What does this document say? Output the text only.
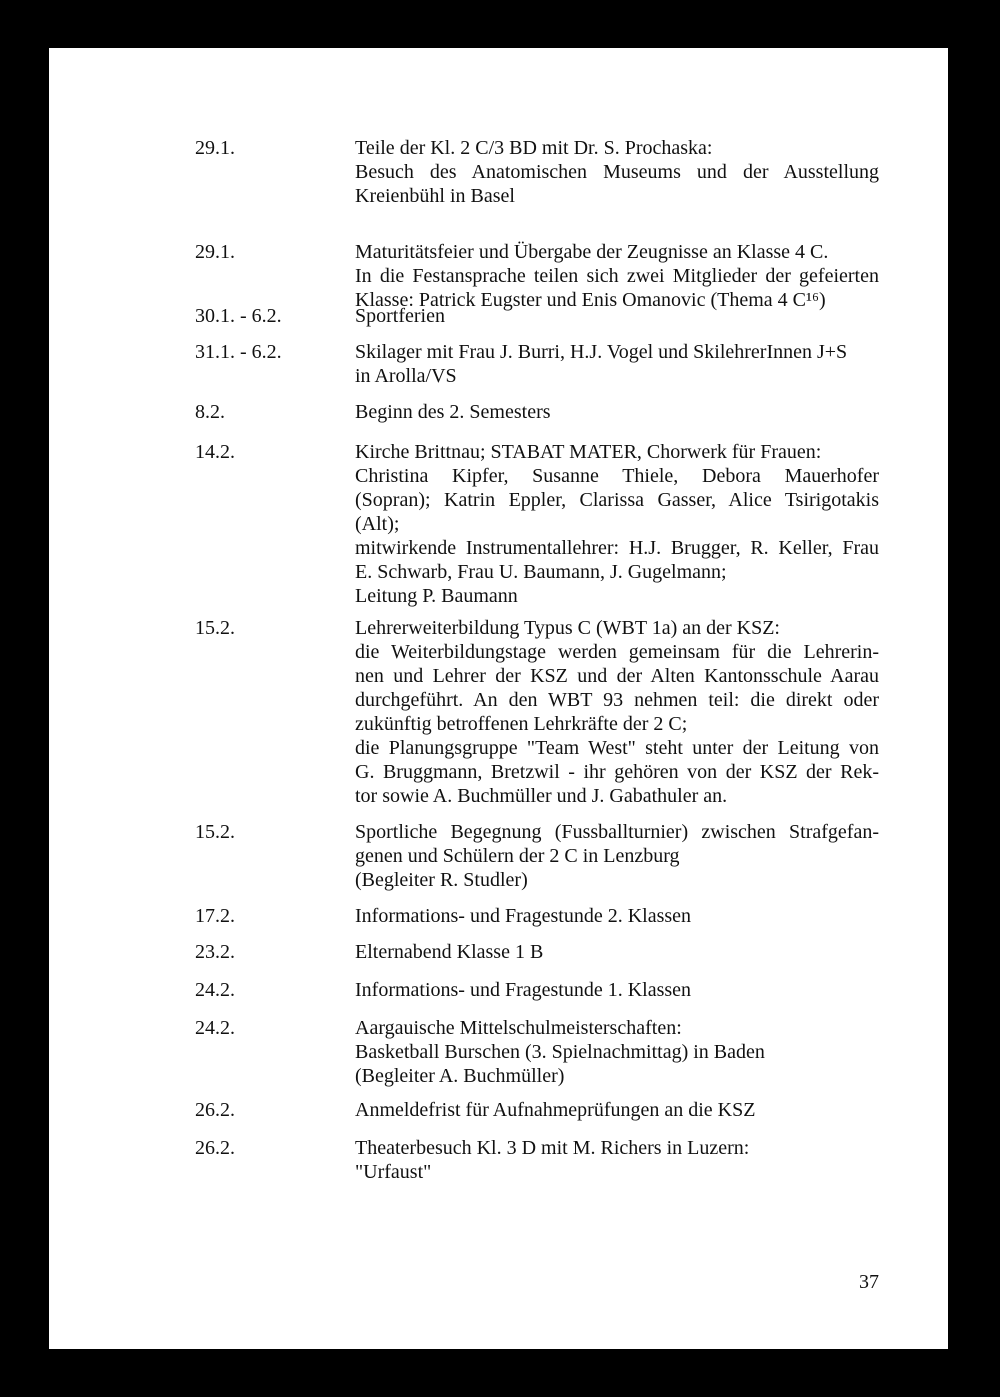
29.1.	Teile der Kl. 2 C/3 BD mit Dr. S. Prochaska:
Besuch des Anatomischen Museums und der Ausstellung
Kreienbühl in Basel
29.1.	Maturitätsfeier und Übergabe der Zeugnisse an Klasse 4 C.
In die Festansprache teilen sich zwei Mitglieder der gefeierten
Klasse: Patrick Eugster und Enis Omanovic (Thema 4 C¹⁶)
30.1. - 6.2.	Sportferien
31.1. - 6.2.	Skilager mit Frau J. Burri, H.J. Vogel und SkilehrerInnen J+S
in Arolla/VS
8.2.	Beginn des 2. Semesters
14.2.	Kirche Brittnau; STABAT MATER, Chorwerk für Frauen:
Christina Kipfer, Susanne Thiele, Debora Mauerhofer
(Sopran); Katrin Eppler, Clarissa Gasser, Alice Tsirigotakis
(Alt);
mitwirkende Instrumentallehrer: H.J. Brugger, R. Keller, Frau
E. Schwarb, Frau U. Baumann, J. Gugelmann;
Leitung P. Baumann
15.2.	Lehrerweiterbildung Typus C (WBT 1a) an der KSZ:
die Weiterbildungstage werden gemeinsam für die Lehrerin-
nen und Lehrer der KSZ und der Alten Kantonsschule Aarau
durchgeführt. An den WBT 93 nehmen teil: die direkt oder
zukünftig betroffenen Lehrkräfte der 2 C;
die Planungsgruppe "Team West" steht unter der Leitung von
G. Bruggmann, Bretzwil - ihr gehören von der KSZ der Rek-
tor sowie A. Buchmüller und J. Gabathuler an.
15.2.	Sportliche Begegnung (Fussballturnier) zwischen Strafgefan-
genen und Schülern der 2 C in Lenzburg
(Begleiter R. Studler)
17.2.	Informations- und Fragestunde 2. Klassen
23.2.	Elternabend Klasse 1 B
24.2.	Informations- und Fragestunde 1. Klassen
24.2.	Aargauische Mittelschulmeisterschaften:
Basketball Burschen (3. Spielnachmittag) in Baden
(Begleiter A. Buchmüller)
26.2.	Anmeldefrist für Aufnahmeprüfungen an die KSZ
26.2.	Theaterbesuch Kl. 3 D mit M. Richers in Luzern:
"Urfaust"
37
